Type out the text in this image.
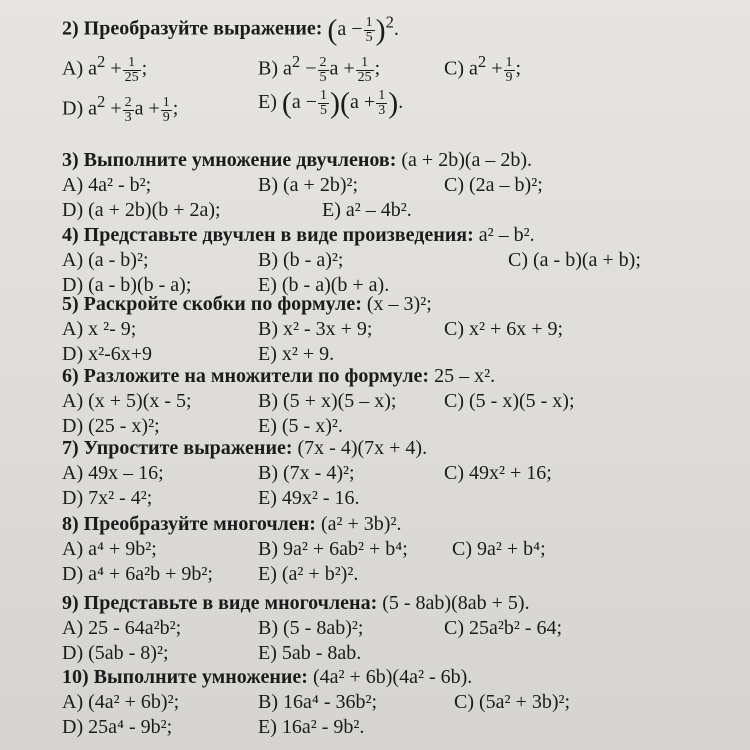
2) Преобразуйте выражение: $(a - \frac{1}{5} )^2$.
A) $a^2 + \frac{1}{25}$ ;	B) $a^2 - \frac{2}{5}$ $a + \frac{1}{25}$ ;	C) $a^2 + \frac{1}{9}$ ;
D) $a^2 + \frac{2}{3}$ $a + \frac{1}{9}$ ;	E) $(a - \frac{1}{5} )(a + \frac{1}{3}$ ).
3) Выполните умножение двучленов: (a + 2b)(a – 2b).
A) 4a² - b²;	B) (a + 2b)²;	C) (2a – b)²;
D) (a + 2b)(b + 2a);	E) a² – 4b².
4) Представьте двучлен в виде произведения: a² – b².
A) (a - b)²;	B) (b - a)²;	C) (a - b)(a + b);
D) (a - b)(b - a);	E) (b - a)(b + a).
5) Раскройте скобки по формуле: (x – 3)²;
A) x ²- 9;	B) x² - 3x + 9;	C) x² + 6x + 9;
D) x²-6x+9	E) x² + 9.
6) Разложите на множители по формуле: 25 – x².
A) (x + 5)(x - 5;	B) (5 + x)(5 – x); C) (5 - x)(5 - x);
D) (25 - x)²;	E) (5 - x)².
7) Упростите выражение: (7x - 4)(7x + 4).
A) 49x – 16;	B) (7x - 4)²;	C) 49x² + 16;
D) 7x² - 4²;	E) 49x² - 16.
8) Преобразуйте многочлен: (a² + 3b)².
A) a⁴ + 9b²;	B) 9a² + 6ab² + b⁴; C) 9a² + b⁴;
D) a⁴ + 6a²b + 9b²; E) (a² + b²)².
9) Представьте в виде многочлена: (5 - 8ab)(8ab + 5).
A) 25 - 64a²b²;	B) (5 - 8ab)²;	C) 25a²b² - 64;
D) (5ab - 8)²;	E) 5ab - 8ab.
10) Выполните умножение: (4a² + 6b)(4a² - 6b).
A) (4a² + 6b)²;	B) 16a⁴ - 36b²;	C) (5a² + 3b)²;
D) 25a⁴ - 9b²;	E) 16a² - 9b².
